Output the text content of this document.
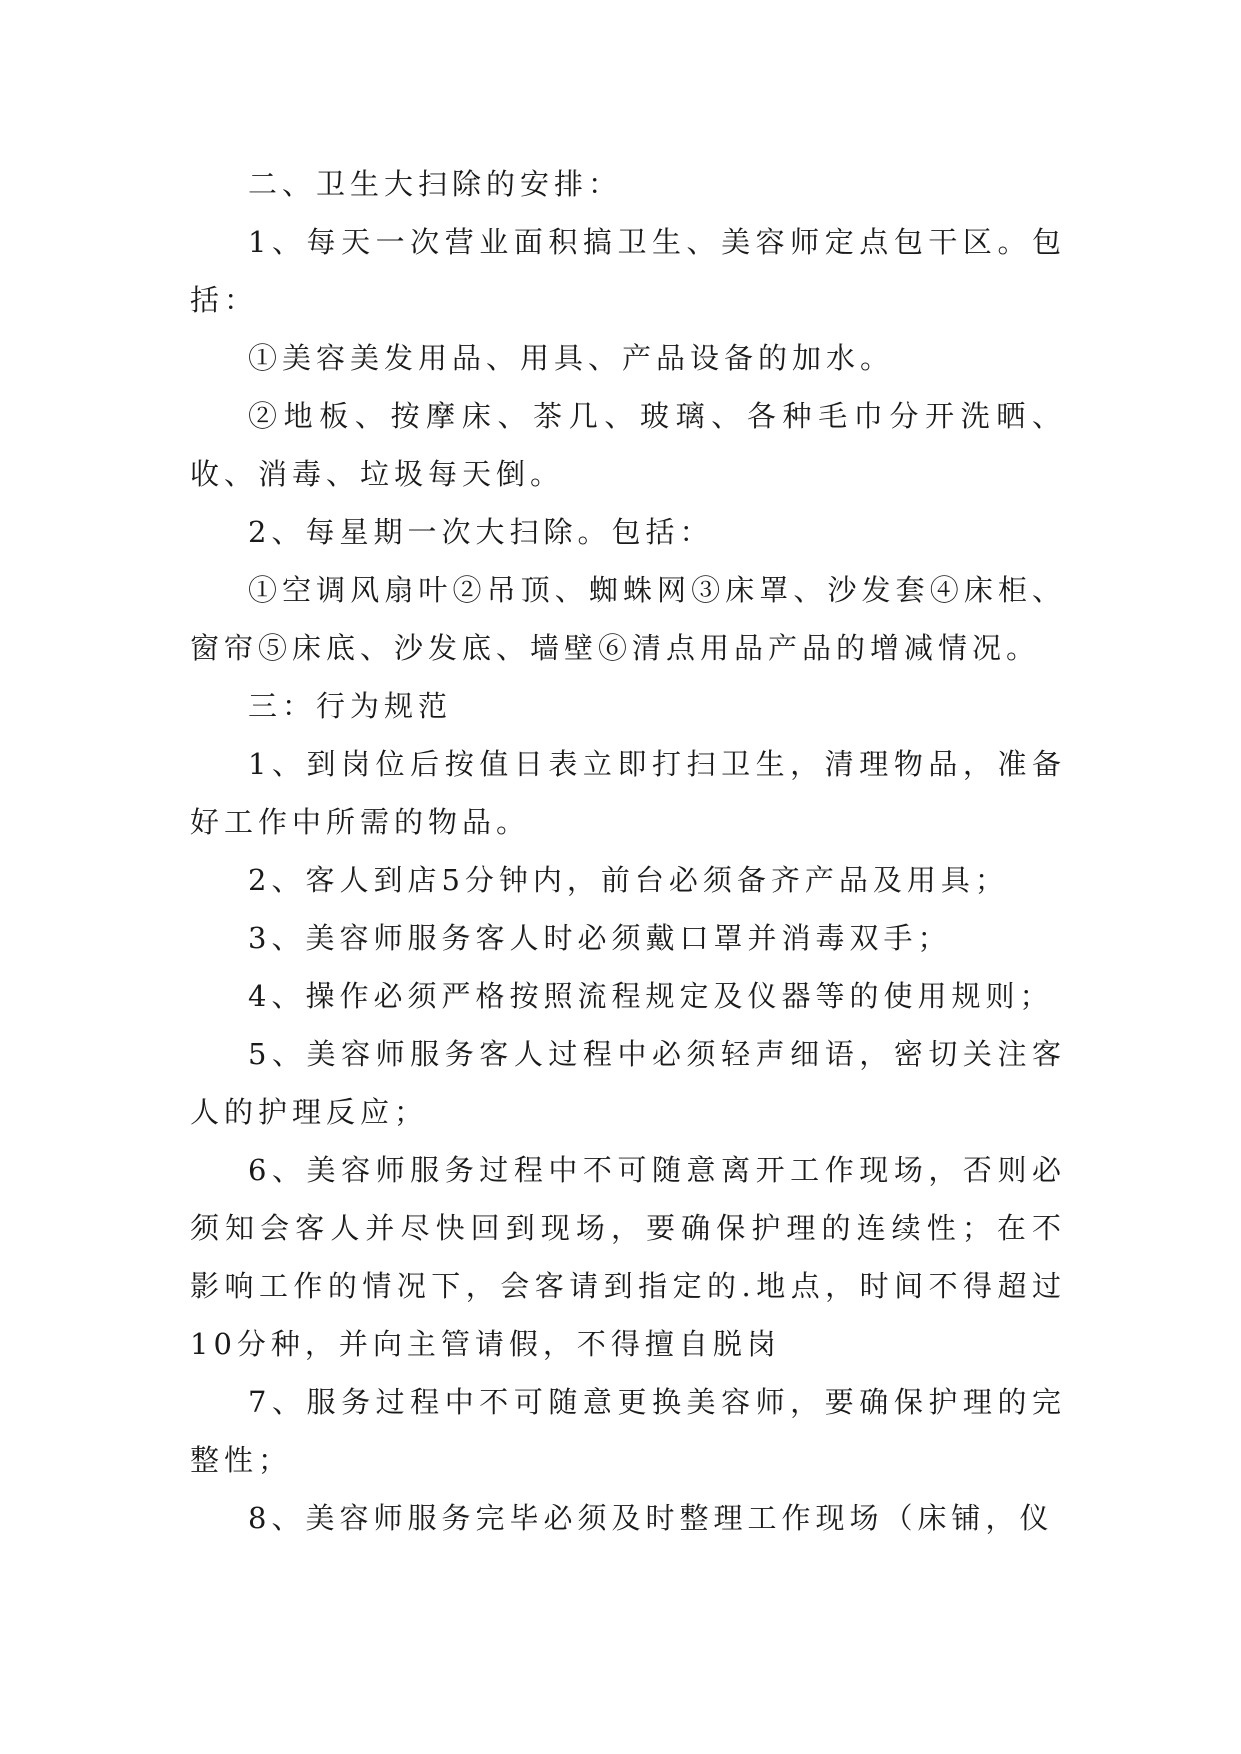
二、卫生大扫除的安排：

1、每天一次营业面积搞卫生、美容师定点包干区。包括：

①美容美发用品、用具、产品设备的加水。

②地板、按摩床、茶几、玻璃、各种毛巾分开洗晒、收、消毒、垃圾每天倒。

2、每星期一次大扫除。包括：

①空调风扇叶②吊顶、蜘蛛网③床罩、沙发套④床柜、窗帘⑤床底、沙发底、墙壁⑥清点用品产品的增减情况。

三：行为规范

1、到岗位后按值日表立即打扫卫生，清理物品，准备好工作中所需的物品。

2、客人到店5分钟内，前台必须备齐产品及用具；

3、美容师服务客人时必须戴口罩并消毒双手；

4、操作必须严格按照流程规定及仪器等的使用规则；

5、美容师服务客人过程中必须轻声细语，密切关注客人的护理反应；

6、美容师服务过程中不可随意离开工作现场，否则必须知会客人并尽快回到现场，要确保护理的连续性；在不影响工作的情况下，会客请到指定的.地点，时间不得超过10分种，并向主管请假，不得擅自脱岗

7、服务过程中不可随意更换美容师，要确保护理的完整性；

8、美容师服务完毕必须及时整理工作现场（床铺，仪
